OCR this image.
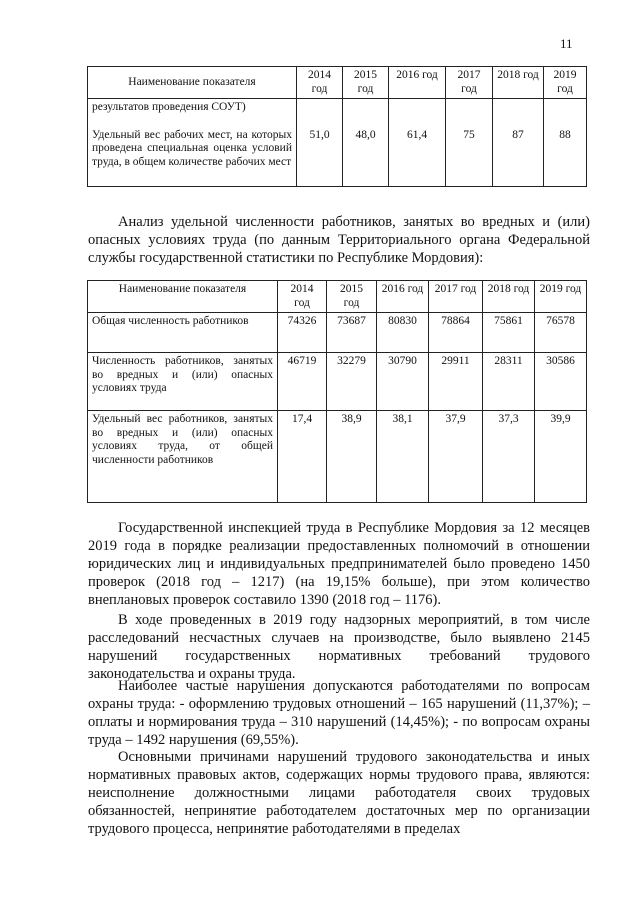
11
Наименование показателя	2014 год	2015 год	2016 год	2017 год	2018 год	2019 год
результатов проведения СОУТ)						
Удельный вес рабочих мест, на которых проведена специальная оценка условий труда, в общем количестве рабочих мест	51,0	48,0	61,4	75	87	88

Анализ удельной численности работников, занятых во вредных и (или) опасных условиях труда (по данным Территориального органа Федеральной службы государственной статистики по Республике Мордовия):

Наименование показателя	2014 год	2015 год	2016 год	2017 год	2018 год	2019 год
Общая численность работников	74326	73687	80830	78864	75861	76578
Численность работников, занятых во вредных и (или) опасных условиях труда	46719	32279	30790	29911	28311	30586
Удельный вес работников, занятых во вредных и (или) опасных условиях труда, от общей численности работников	17,4	38,9	38,1	37,9	37,3	39,9

Государственной инспекцией труда в Республике Мордовия за 12 месяцев 2019 года в порядке реализации предоставленных полномочий в отношении юридических лиц и индивидуальных предпринимателей было проведено 1450 проверок (2018 год – 1217) (на 19,15% больше), при этом количество внеплановых проверок составило 1390 (2018 год – 1176).

В ходе проведенных в 2019 году надзорных мероприятий, в том числе расследований несчастных случаев на производстве, было выявлено 2145 нарушений государственных нормативных требований трудового законодательства и охраны труда.

Наиболее частые нарушения допускаются работодателями по вопросам охраны труда: - оформлению трудовых отношений – 165 нарушений (11,37%); – оплаты и нормирования труда – 310 нарушений (14,45%); - по вопросам охраны труда – 1492 нарушения (69,55%).

Основными причинами нарушений трудового законодательства и иных нормативных правовых актов, содержащих нормы трудового права, являются: неисполнение должностными лицами работодателя своих трудовых обязанностей, непринятие работодателем достаточных мер по организации трудового процесса, непринятие работодателями в пределах
